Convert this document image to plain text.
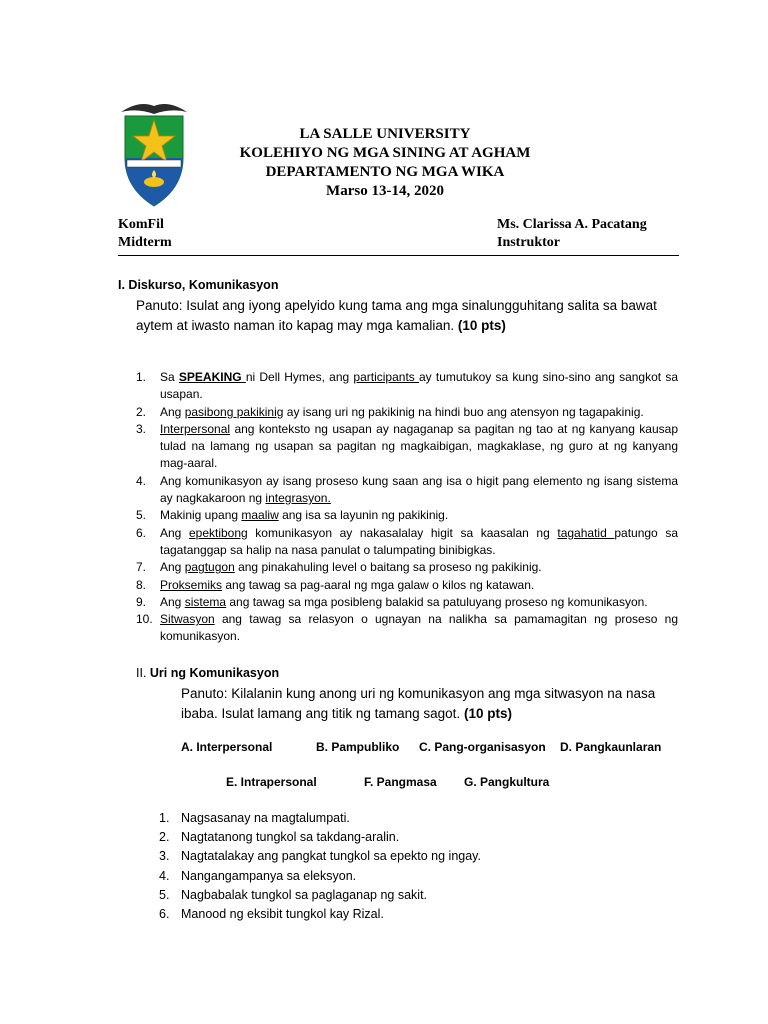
LA SALLE UNIVERSITY
KOLEHIYO NG MGA SINING AT AGHAM
DEPARTAMENTO NG MGA WIKA
Marso 13-14, 2020
KomFil
Midterm
Ms. Clarissa A. Pacatang
Instruktor
I. Diskurso, Komunikasyon
Panuto: Isulat ang iyong apelyido kung tama ang mga sinalungguhitang salita sa bawat aytem at iwasto naman ito kapag may mga kamalian. (10 pts)
1. Sa SPEAKING ni Dell Hymes, ang participants ay tumutukoy sa kung sino-sino ang sangkot sa usapan.
2. Ang pasibong pakikinig ay isang uri ng pakikinig na hindi buo ang atensyon ng tagapakinig.
3. Interpersonal ang konteksto ng usapan ay nagaganap sa pagitan ng tao at ng kanyang kausap tulad na lamang ng usapan sa pagitan ng magkaibigan, magkaklase, ng guro at ng kanyang mag-aaral.
4. Ang komunikasyon ay isang proseso kung saan ang isa o higit pang elemento ng isang sistema ay nagkakaroon ng integrasyon.
5. Makinig upang maaliw ang isa sa layunin ng pakikinig.
6. Ang epektibong komunikasyon ay nakasalalay higit sa kaasalan ng tagahatid patungo sa tagatanggap sa halip na nasa panulat o talumpating binibigkas.
7. Ang pagtugon ang pinakahuling level o baitang sa proseso ng pakikinig.
8. Proksemiks ang tawag sa pag-aaral ng mga galaw o kilos ng katawan.
9. Ang sistema ang tawag sa mga posibleng balakid sa patuluyang proseso ng komunikasyon.
10. Sitwasyon ang tawag sa relasyon o ugnayan na nalikha sa pamamagitan ng proseso ng komunikasyon.
II. Uri ng Komunikasyon
Panuto: Kilalanin kung anong uri ng komunikasyon ang mga sitwasyon na nasa ibaba. Isulat lamang ang titik ng tamang sagot. (10 pts)
A. Interpersonal	B. Pampubliko C. Pang-organisasyon D. Pangkaunlaran
E. Intrapersonal	F. Pangmasa G. Pangkultura
1. Nagsasanay na magtalumpati.
2. Nagtatanong tungkol sa takdang-aralin.
3. Nagtatalakay ang pangkat tungkol sa epekto ng ingay.
4. Nangangampanya sa eleksyon.
5. Nagbabalak tungkol sa paglaganap ng sakit.
6. Manood ng eksibit tungkol kay Rizal.
